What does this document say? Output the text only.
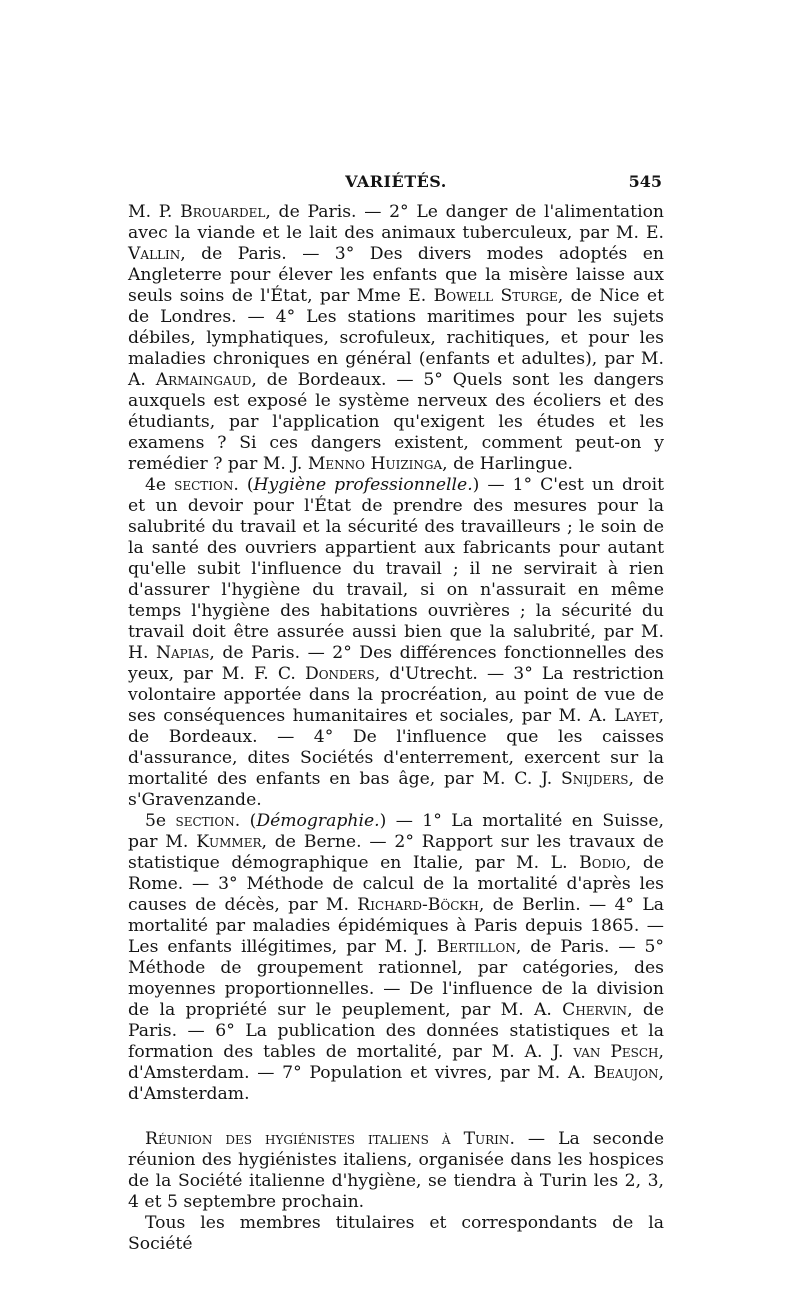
VARIÉTÉS.	545

M. P. Brouardel, de Paris. — 2° Le danger de l'alimentation avec la viande et le lait des animaux tuberculeux, par M. E. Vallin, de Paris. — 3° Des divers modes adoptés en Angleterre pour élever les enfants que la misère laisse aux seuls soins de l'État, par Mme E. Bowell Sturge, de Nice et de Londres. — 4° Les stations maritimes pour les sujets débiles, lymphatiques, scrofuleux, rachitiques, et pour les maladies chroniques en général (enfants et adultes), par M. A. Armaingaud, de Bordeaux. — 5° Quels sont les dangers auxquels est exposé le système nerveux des écoliers et des étudiants, par l'application qu'exigent les études et les examens ? Si ces dangers existent, comment peut-on y remédier ? par M. J. Menno Huizinga, de Harlingue.

4e section. (Hygiène professionnelle.) — 1° C'est un droit et un devoir pour l'État de prendre des mesures pour la salubrité du travail et la sécurité des travailleurs ; le soin de la santé des ouvriers appartient aux fabricants pour autant qu'elle subit l'influence du travail ; il ne servirait à rien d'assurer l'hygiène du travail, si on n'assurait en même temps l'hygiène des habitations ouvrières ; la sécurité du travail doit être assurée aussi bien que la salubrité, par M. H. Napias, de Paris. — 2° Des différences fonctionnelles des yeux, par M. F. C. Donders, d'Utrecht. — 3° La restriction volontaire apportée dans la procréation, au point de vue de ses conséquences humanitaires et sociales, par M. A. Layet, de Bordeaux. — 4° De l'influence que les caisses d'assurance, dites Sociétés d'enterrement, exercent sur la mortalité des enfants en bas âge, par M. C. J. Snijders, de s'Gravenzande.

5e section. (Démographie.) — 1° La mortalité en Suisse, par M. Kummer, de Berne. — 2° Rapport sur les travaux de statistique démographique en Italie, par M. L. Bodio, de Rome. — 3° Méthode de calcul de la mortalité d'après les causes de décès, par M. Richard-Böckh, de Berlin. — 4° La mortalité par maladies épidémiques à Paris depuis 1865. — Les enfants illégitimes, par M. J. Bertillon, de Paris. — 5° Méthode de groupement rationnel, par catégories, des moyennes proportionnelles. — De l'influence de la division de la propriété sur le peuplement, par M. A. Chervin, de Paris. — 6° La publication des données statistiques et la formation des tables de mortalité, par M. A. J. van Pesch, d'Amsterdam. — 7° Population et vivres, par M. A. Beaujon, d'Amsterdam.

Réunion des hygiénistes italiens à Turin. — La seconde réunion des hygiénistes italiens, organisée dans les hospices de la Société italienne d'hygiène, se tiendra à Turin les 2, 3, 4 et 5 septembre prochain.

Tous les membres titulaires et correspondants de la Société
